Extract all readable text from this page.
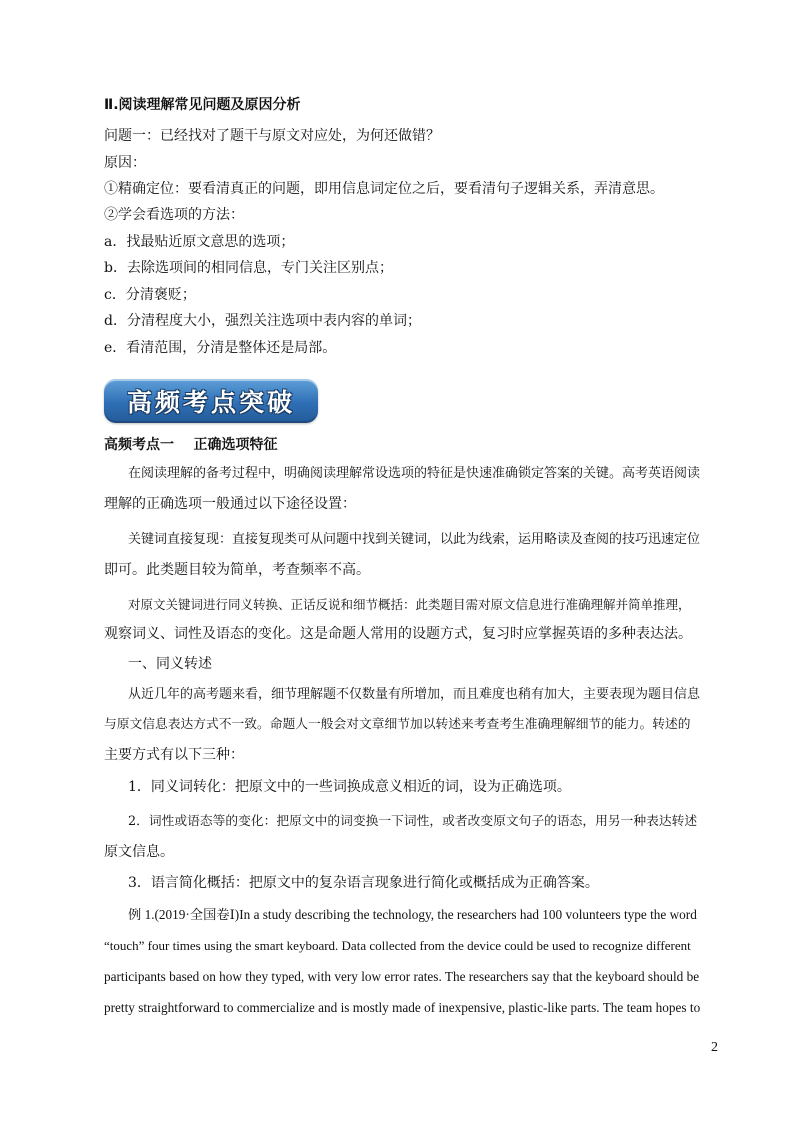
Ⅱ.阅读理解常见问题及原因分析
问题一：已经找对了题干与原文对应处，为何还做错？
原因：
①精确定位：要看清真正的问题，即用信息词定位之后，要看清句子逻辑关系，弄清意思。
②学会看选项的方法：
a．找最贴近原文意思的选项；
b．去除选项间的相同信息，专门关注区别点；
c．分清褒贬；
d．分清程度大小，强烈关注选项中表内容的单词；
e．看清范围，分清是整体还是局部。
高频考点突破
高频考点一    正确选项特征
在阅读理解的备考过程中，明确阅读理解常设选项的特征是快速准确锁定答案的关键。高考英语阅读
理解的正确选项一般通过以下途径设置：
关键词直接复现：直接复现类可从问题中找到关键词，以此为线索，运用略读及查阅的技巧迅速定位
即可。此类题目较为简单，考查频率不高。
对原文关键词进行同义转换、正话反说和细节概括：此类题目需对原文信息进行准确理解并简单推理，
观察词义、词性及语态的变化。这是命题人常用的设题方式，复习时应掌握英语的多种表达法。
一、同义转述
从近几年的高考题来看，细节理解题不仅数量有所增加，而且难度也稍有加大，主要表现为题目信息
与原文信息表达方式不一致。命题人一般会对文章细节加以转述来考查考生准确理解细节的能力。转述的
主要方式有以下三种：
1．同义词转化：把原文中的一些词换成意义相近的词，设为正确选项。
2．词性或语态等的变化：把原文中的词变换一下词性，或者改变原文句子的语态，用另一种表达转述
原文信息。
3．语言简化概括：把原文中的复杂语言现象进行简化或概括成为正确答案。
例 1.(2019·全国卷Ⅰ)In a study describing the technology, the researchers had 100 volunteers type the word
“touch” four times using the smart keyboard. Data collected from the device could be used to recognize different
participants based on how they typed, with very low error rates. The researchers say that the keyboard should be
pretty straightforward to commercialize and is mostly made of inexpensive, plastic-like parts. The team hopes to
2
